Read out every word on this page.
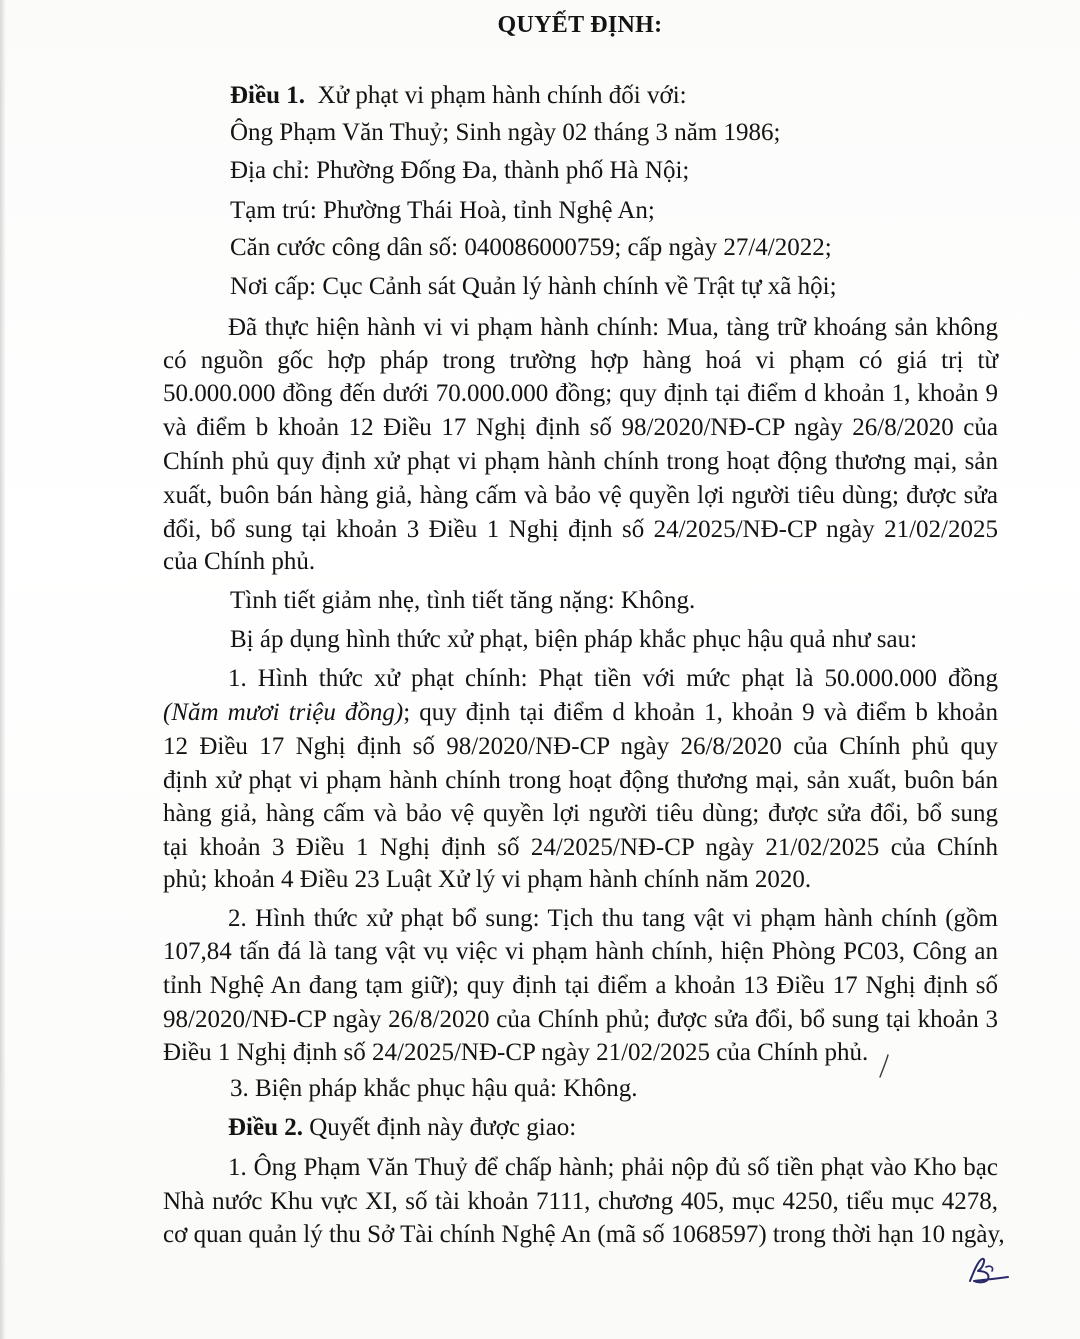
QUYẾT ĐỊNH:

Điều 1. Xử phạt vi phạm hành chính đối với:

Ông Phạm Văn Thuỷ; Sinh ngày 02 tháng 3 năm 1986;

Địa chỉ: Phường Đống Đa, thành phố Hà Nội;

Tạm trú: Phường Thái Hoà, tỉnh Nghệ An;

Căn cước công dân số: 040086000759; cấp ngày 27/4/2022;

Nơi cấp: Cục Cảnh sát Quản lý hành chính về Trật tự xã hội;

Đã thực hiện hành vi vi phạm hành chính: Mua, tàng trữ khoáng sản không

có nguồn gốc hợp pháp trong trường hợp hàng hoá vi phạm có giá trị từ

50.000.000 đồng đến dưới 70.000.000 đồng; quy định tại điểm d khoản 1, khoản 9

và điểm b khoản 12 Điều 17 Nghị định số 98/2020/NĐ-CP ngày 26/8/2020 của

Chính phủ quy định xử phạt vi phạm hành chính trong hoạt động thương mại, sản

xuất, buôn bán hàng giả, hàng cấm và bảo vệ quyền lợi người tiêu dùng; được sửa

đổi, bổ sung tại khoản 3 Điều 1 Nghị định số 24/2025/NĐ-CP ngày 21/02/2025

của Chính phủ.

Tình tiết giảm nhẹ, tình tiết tăng nặng: Không.

Bị áp dụng hình thức xử phạt, biện pháp khắc phục hậu quả như sau:

1. Hình thức xử phạt chính: Phạt tiền với mức phạt là 50.000.000 đồng

(Năm mươi triệu đồng); quy định tại điểm d khoản 1, khoản 9 và điểm b khoản

12 Điều 17 Nghị định số 98/2020/NĐ-CP ngày 26/8/2020 của Chính phủ quy

định xử phạt vi phạm hành chính trong hoạt động thương mại, sản xuất, buôn bán

hàng giả, hàng cấm và bảo vệ quyền lợi người tiêu dùng; được sửa đổi, bổ sung

tại khoản 3 Điều 1 Nghị định số 24/2025/NĐ-CP ngày 21/02/2025 của Chính

phủ; khoản 4 Điều 23 Luật Xử lý vi phạm hành chính năm 2020.

2. Hình thức xử phạt bổ sung: Tịch thu tang vật vi phạm hành chính (gồm

107,84 tấn đá là tang vật vụ việc vi phạm hành chính, hiện Phòng PC03, Công an

tỉnh Nghệ An đang tạm giữ); quy định tại điểm a khoản 13 Điều 17 Nghị định số

98/2020/NĐ-CP ngày 26/8/2020 của Chính phủ; được sửa đổi, bổ sung tại khoản 3

Điều 1 Nghị định số 24/2025/NĐ-CP ngày 21/02/2025 của Chính phủ.

3. Biện pháp khắc phục hậu quả: Không.

Điều 2. Quyết định này được giao:

1. Ông Phạm Văn Thuỷ để chấp hành; phải nộp đủ số tiền phạt vào Kho bạc

Nhà nước Khu vực XI, số tài khoản 7111, chương 405, mục 4250, tiểu mục 4278,

cơ quan quản lý thu Sở Tài chính Nghệ An (mã số 1068597) trong thời hạn 10 ngày,
